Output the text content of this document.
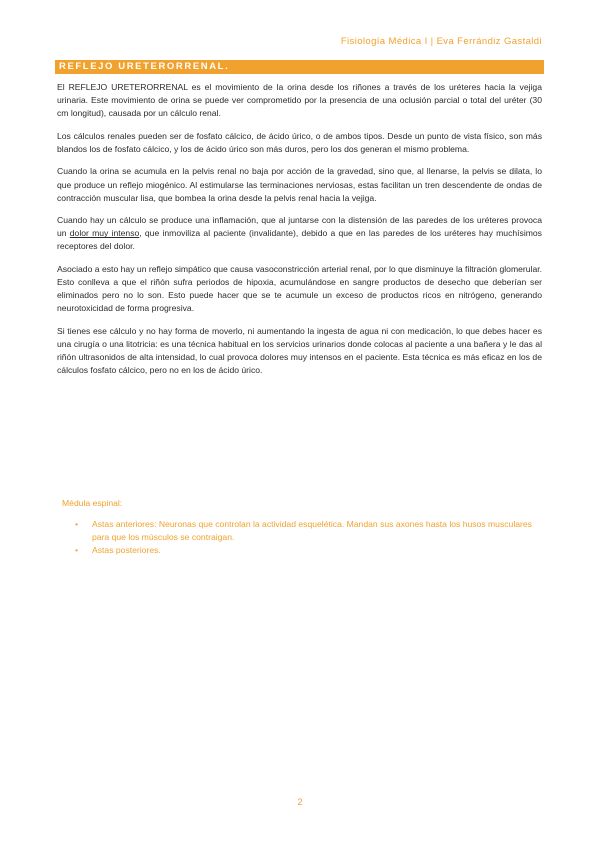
Fisiología Médica I | Eva Ferrándiz Gastaldi
REFLEJO URETERORRENAL.

El REFLEJO URETERORRENAL es el movimiento de la orina desde los riñones a través de los uréteres hacia la vejiga urinaria. Este movimiento de orina se puede ver comprometido por la presencia de una oclusión parcial o total del uréter (30 cm longitud), causada por un cálculo renal.

Los cálculos renales pueden ser de fosfato cálcico, de ácido úrico, o de ambos tipos. Desde un punto de vista físico, son más blandos los de fosfato cálcico, y los de ácido úrico son más duros, pero los dos generan el mismo problema.

Cuando la orina se acumula en la pelvis renal no baja por acción de la gravedad, sino que, al llenarse, la pelvis se dilata, lo que produce un reflejo miogénico. Al estimularse las terminaciones nerviosas, estas facilitan un tren descendente de ondas de contracción muscular lisa, que bombea la orina desde la pelvis renal hacia la vejiga.

Cuando hay un cálculo se produce una inflamación, que al juntarse con la distensión de las paredes de los uréteres provoca un dolor muy intenso, que inmoviliza al paciente (invalidante), debido a que en las paredes de los uréteres hay muchísimos receptores del dolor.

Asociado a esto hay un reflejo simpático que causa vasoconstricción arterial renal, por lo que disminuye la filtración glomerular. Esto conlleva a que el riñón sufra periodos de hipoxia, acumulándose en sangre productos de desecho que deberían ser eliminados pero no lo son. Esto puede hacer que se te acumule un exceso de productos ricos en nitrógeno, generando neurotoxicidad de forma progresiva.

Si tienes ese cálculo y no hay forma de moverlo, ni aumentando la ingesta de agua ni con medicación, lo que debes hacer es una cirugía o una litotricia: es una técnica habitual en los servicios urinarios donde colocas al paciente a una bañera y le das al riñón ultrasonidos de alta intensidad, lo cual provoca dolores muy intensos en el paciente. Esta técnica es más eficaz en los de cálculos fosfato cálcico, pero no en los de ácido úrico.

Médula espinal:

• Astas anteriores: Neuronas que controlan la actividad esquelética. Mandan sus axones hasta los husos musculares para que los músculos se contraigan.
• Astas posteriores.
2
